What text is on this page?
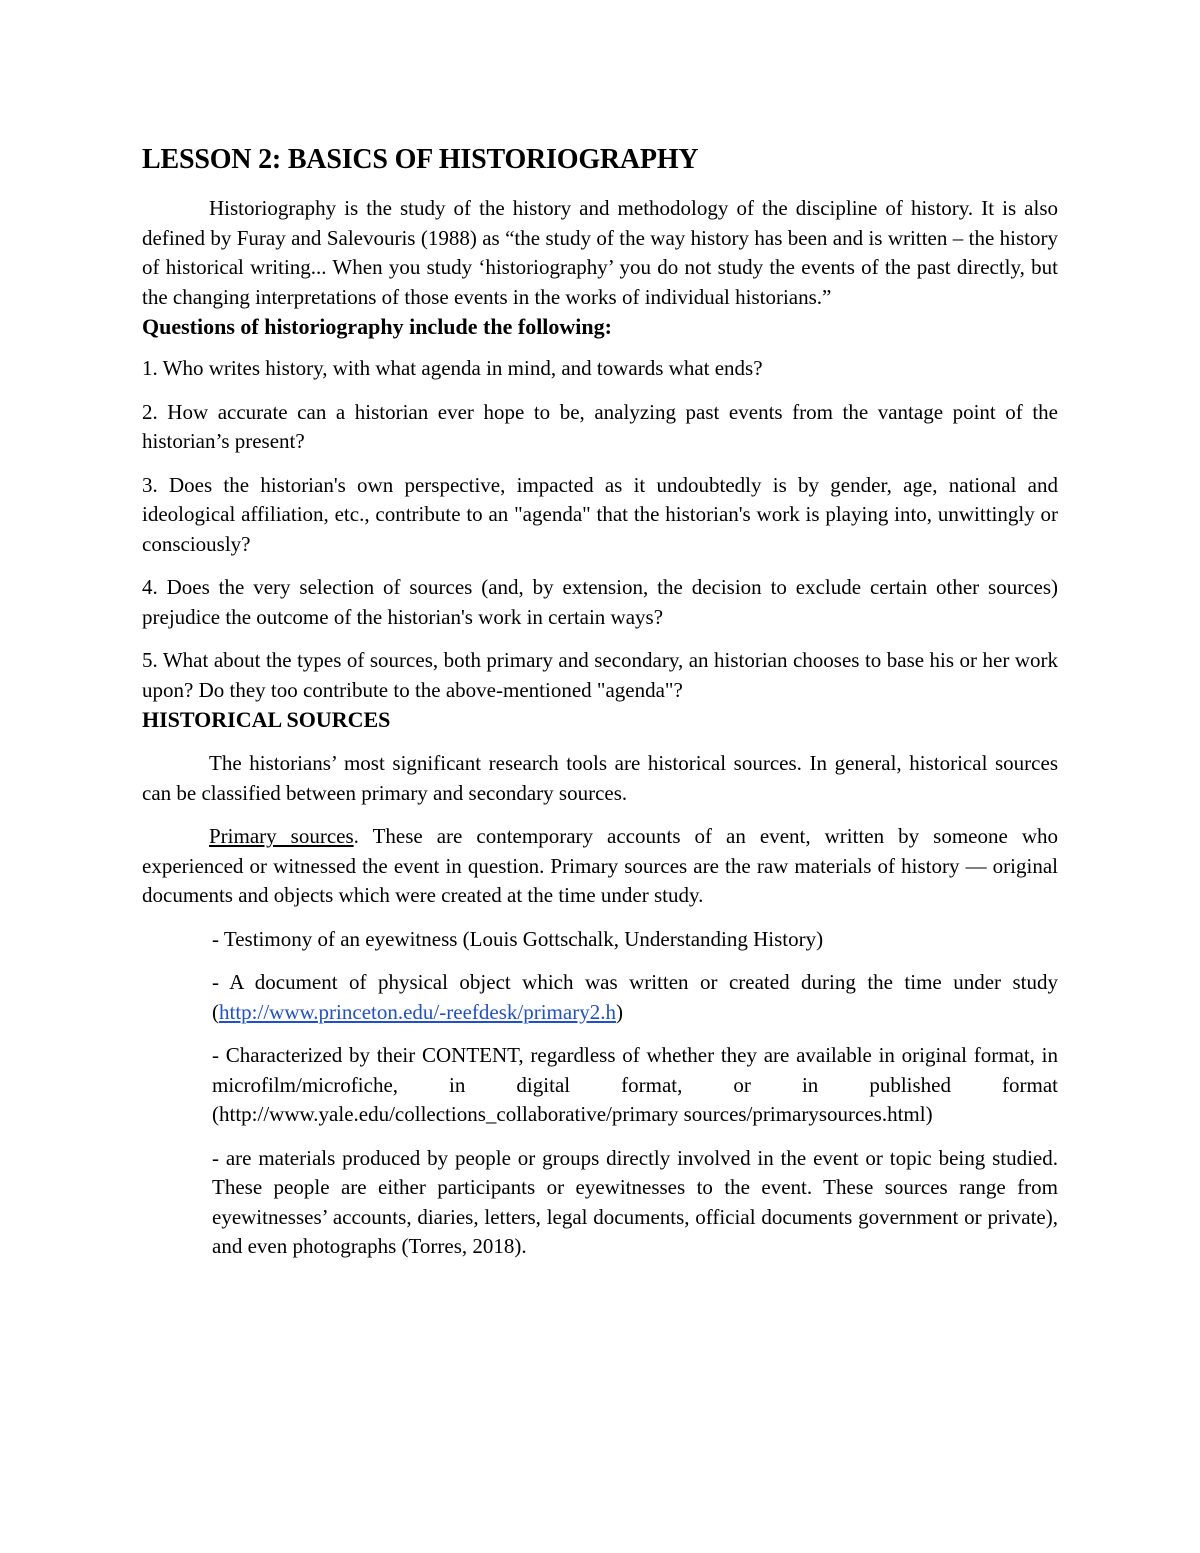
LESSON 2: BASICS OF HISTORIOGRAPHY

Historiography is the study of the history and methodology of the discipline of history. It is also defined by Furay and Salevouris (1988) as “the study of the way history has been and is written – the history of historical writing... When you study ‘historiography’ you do not study the events of the past directly, but the changing interpretations of those events in the works of individual historians.”

Questions of historiography include the following:

1. Who writes history, with what agenda in mind, and towards what ends?

2. How accurate can a historian ever hope to be, analyzing past events from the vantage point of the historian’s present?

3. Does the historian's own perspective, impacted as it undoubtedly is by gender, age, national and ideological affiliation, etc., contribute to an "agenda" that the historian's work is playing into, unwittingly or consciously?

4. Does the very selection of sources (and, by extension, the decision to exclude certain other sources) prejudice the outcome of the historian's work in certain ways?

5. What about the types of sources, both primary and secondary, an historian chooses to base his or her work upon? Do they too contribute to the above-mentioned "agenda"?

HISTORICAL SOURCES

The historians’ most significant research tools are historical sources. In general, historical sources can be classified between primary and secondary sources.

Primary sources. These are contemporary accounts of an event, written by someone who experienced or witnessed the event in question. Primary sources are the raw materials of history — original documents and objects which were created at the time under study.

- Testimony of an eyewitness (Louis Gottschalk, Understanding History)

- A document of physical object which was written or created during the time under study (http://www.princeton.edu/-reefdesk/primary2.h)

- Characterized by their CONTENT, regardless of whether they are available in original format, in microfilm/microfiche, in digital format, or in published format (http://www.yale.edu/collections_collaborative/primary sources/primarysources.html)

- are materials produced by people or groups directly involved in the event or topic being studied. These people are either participants or eyewitnesses to the event. These sources range from eyewitnesses’ accounts, diaries, letters, legal documents, official documents government or private), and even photographs (Torres, 2018).
